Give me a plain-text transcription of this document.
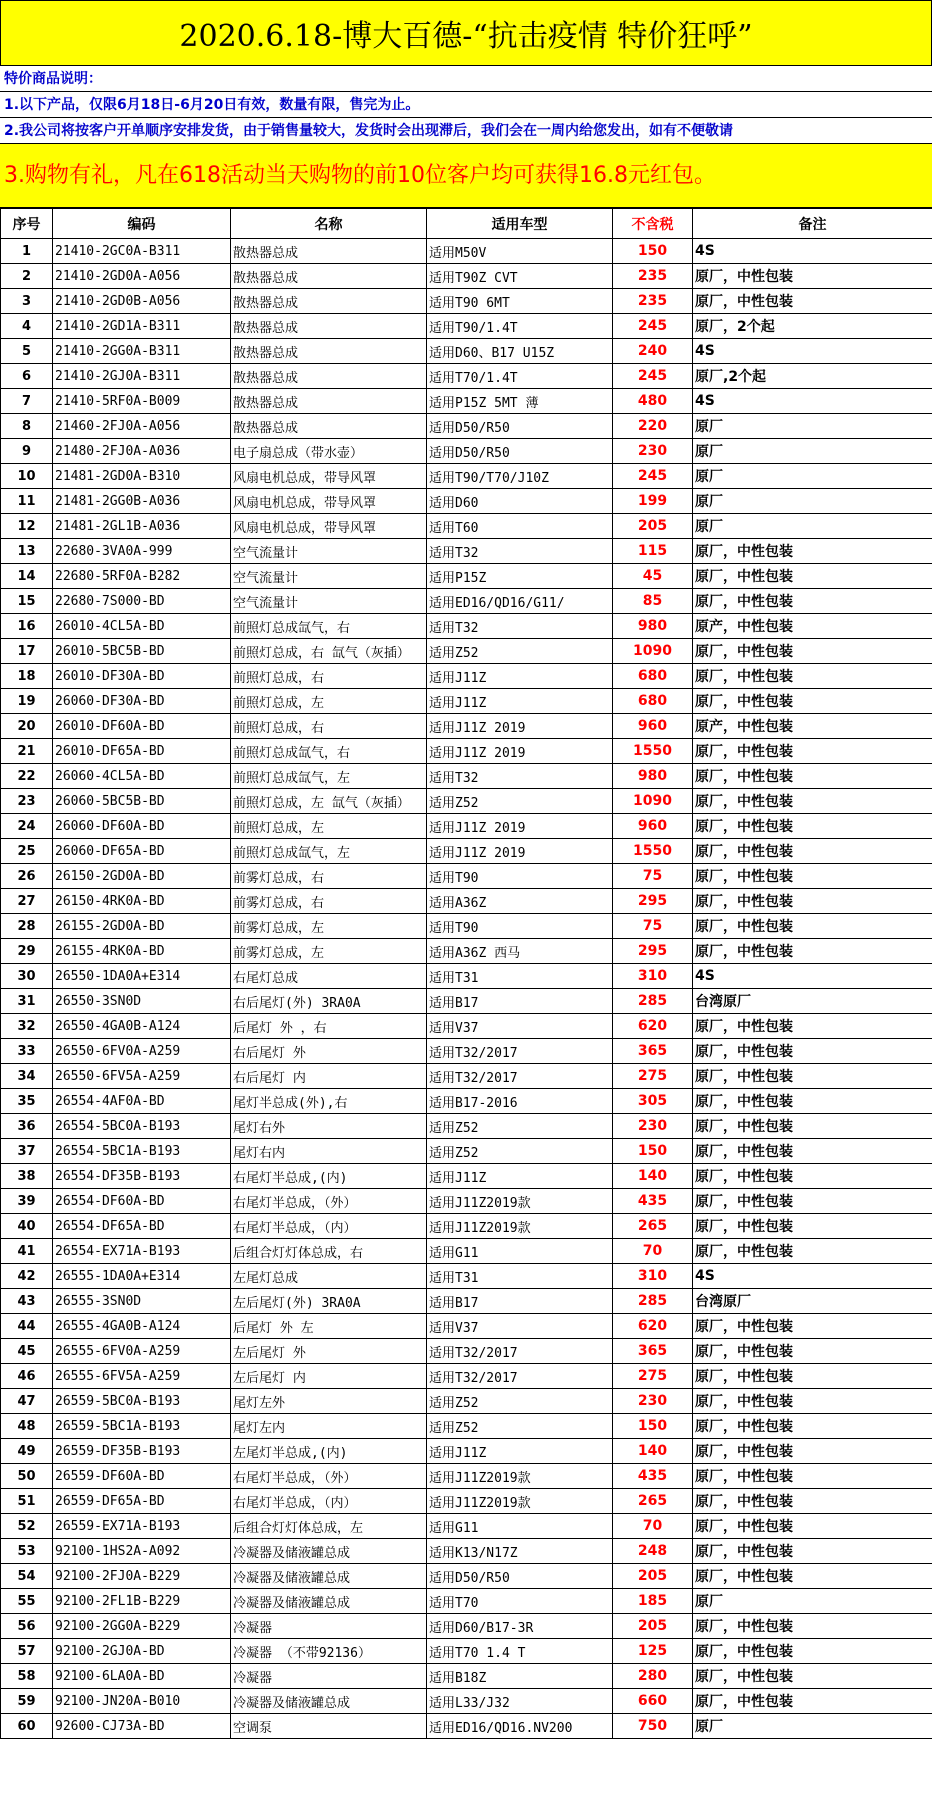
2020.6.18-博大百德-“抗击疫情 特价狂呼”
特价商品说明：
1.以下产品，仅限6月18日-6月20日有效，数量有限，售完为止。
2.我公司将按客户开单顺序安排发货，由于销售量较大，发货时会出现滞后，我们会在一周内给您发出，如有不便敬请
3.购物有礼，凡在618活动当天购物的前10位客户均可获得16.8元红包。
序号	编码	名称	适用车型	不含税	备注
1	21410-2GC0A-B311	散热器总成	适用M50V	150	4S
2	21410-2GD0A-A056	散热器总成	适用T90Z CVT	235	原厂，中性包装
3	21410-2GD0B-A056	散热器总成	适用T90 6MT	235	原厂，中性包装
4	21410-2GD1A-B311	散热器总成	适用T90/1.4T	245	原厂，2个起
5	21410-2GG0A-B311	散热器总成	适用D60、B17 U15Z	240	4S
6	21410-2GJ0A-B311	散热器总成	适用T70/1.4T	245	原厂,2个起
7	21410-5RF0A-B009	散热器总成	适用P15Z 5MT 薄	480	4S
8	21460-2FJ0A-A056	散热器总成	适用D50/R50	220	原厂
9	21480-2FJ0A-A036	电子扇总成（带水壶）	适用D50/R50	230	原厂
10	21481-2GD0A-B310	风扇电机总成，带导风罩	适用T90/T70/J10Z	245	原厂
11	21481-2GG0B-A036	风扇电机总成，带导风罩	适用D60	199	原厂
12	21481-2GL1B-A036	风扇电机总成，带导风罩	适用T60	205	原厂
13	22680-3VA0A-999	空气流量计	适用T32	115	原厂，中性包装
14	22680-5RF0A-B282	空气流量计	适用P15Z	45	原厂，中性包装
15	22680-7S000-BD	空气流量计	适用ED16/QD16/G11/	85	原厂，中性包装
16	26010-4CL5A-BD	前照灯总成氙气，右	适用T32	980	原产，中性包装
17	26010-5BC5B-BD	前照灯总成，右 氙气（灰插）	适用Z52	1090	原厂，中性包装
18	26010-DF30A-BD	前照灯总成，右	适用J11Z	680	原厂，中性包装
19	26060-DF30A-BD	前照灯总成，左	适用J11Z	680	原厂，中性包装
20	26010-DF60A-BD	前照灯总成，右	适用J11Z 2019	960	原产，中性包装
21	26010-DF65A-BD	前照灯总成氙气，右	适用J11Z 2019	1550	原厂，中性包装
22	26060-4CL5A-BD	前照灯总成氙气，左	适用T32	980	原厂，中性包装
23	26060-5BC5B-BD	前照灯总成，左 氙气（灰插）	适用Z52	1090	原厂，中性包装
24	26060-DF60A-BD	前照灯总成，左	适用J11Z 2019	960	原厂，中性包装
25	26060-DF65A-BD	前照灯总成氙气，左	适用J11Z 2019	1550	原厂，中性包装
26	26150-2GD0A-BD	前雾灯总成，右	适用T90	75	原厂，中性包装
27	26150-4RK0A-BD	前雾灯总成，右	适用A36Z	295	原厂，中性包装
28	26155-2GD0A-BD	前雾灯总成，左	适用T90	75	原厂，中性包装
29	26155-4RK0A-BD	前雾灯总成，左	适用A36Z 西马	295	原厂，中性包装
30	26550-1DA0A+E314	右尾灯总成	适用T31	310	4S
31	26550-3SN0D	右后尾灯(外) 3RA0A	适用B17	285	台湾原厂
32	26550-4GA0B-A124	后尾灯 外 ，右	适用V37	620	原厂，中性包装
33	26550-6FV0A-A259	右后尾灯 外	适用T32/2017	365	原厂，中性包装
34	26550-6FV5A-A259	右后尾灯 内	适用T32/2017	275	原厂，中性包装
35	26554-4AF0A-BD	尾灯半总成(外),右	适用B17-2016	305	原厂，中性包装
36	26554-5BC0A-B193	尾灯右外	适用Z52	230	原厂，中性包装
37	26554-5BC1A-B193	尾灯右内	适用Z52	150	原厂，中性包装
38	26554-DF35B-B193	右尾灯半总成,(内)	适用J11Z	140	原厂，中性包装
39	26554-DF60A-BD	右尾灯半总成，（外）	适用J11Z2019款	435	原厂，中性包装
40	26554-DF65A-BD	右尾灯半总成，（内）	适用J11Z2019款	265	原厂，中性包装
41	26554-EX71A-B193	后组合灯灯体总成，右	适用G11	70	原厂，中性包装
42	26555-1DA0A+E314	左尾灯总成	适用T31	310	4S
43	26555-3SN0D	左后尾灯(外) 3RA0A	适用B17	285	台湾原厂
44	26555-4GA0B-A124	后尾灯 外 左	适用V37	620	原厂，中性包装
45	26555-6FV0A-A259	左后尾灯 外	适用T32/2017	365	原厂，中性包装
46	26555-6FV5A-A259	左后尾灯 内	适用T32/2017	275	原厂，中性包装
47	26559-5BC0A-B193	尾灯左外	适用Z52	230	原厂，中性包装
48	26559-5BC1A-B193	尾灯左内	适用Z52	150	原厂，中性包装
49	26559-DF35B-B193	左尾灯半总成,(内)	适用J11Z	140	原厂，中性包装
50	26559-DF60A-BD	右尾灯半总成，（外）	适用J11Z2019款	435	原厂，中性包装
51	26559-DF65A-BD	右尾灯半总成，（内）	适用J11Z2019款	265	原厂，中性包装
52	26559-EX71A-B193	后组合灯灯体总成，左	适用G11	70	原厂，中性包装
53	92100-1HS2A-A092	冷凝器及储液罐总成	适用K13/N17Z	248	原厂，中性包装
54	92100-2FJ0A-B229	冷凝器及储液罐总成	适用D50/R50	205	原厂，中性包装
55	92100-2FL1B-B229	冷凝器及储液罐总成	适用T70	185	原厂
56	92100-2GG0A-B229	冷凝器	适用D60/B17-3R	205	原厂，中性包装
57	92100-2GJ0A-BD	冷凝器 （不带92136）	适用T70 1.4 T	125	原厂，中性包装
58	92100-6LA0A-BD	冷凝器	适用B18Z	280	原厂，中性包装
59	92100-JN20A-B010	冷凝器及储液罐总成	适用L33/J32	660	原厂，中性包装
60	92600-CJ73A-BD	空调泵	适用ED16/QD16.NV200	750	原厂
